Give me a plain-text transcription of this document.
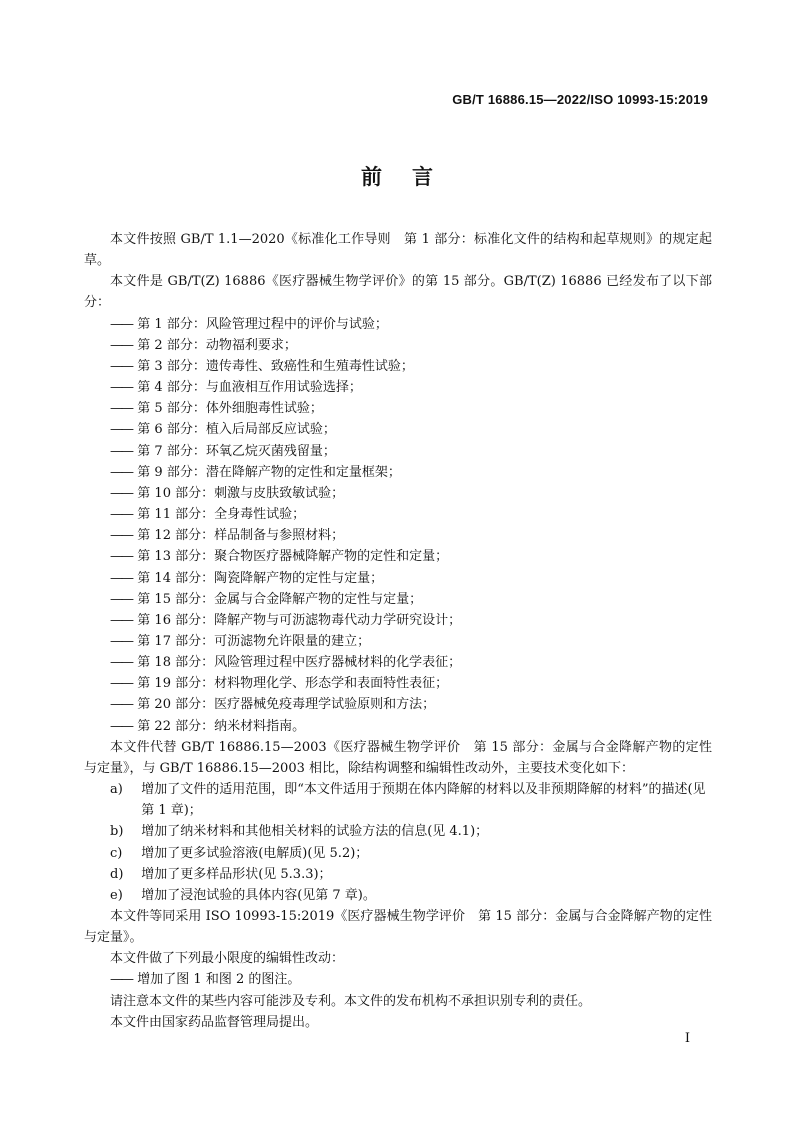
GB/T 16886.15—2022/ISO 10993-15:2019
前言

本文件按照 GB/T 1.1—2020《标准化工作导则　第 1 部分：标准化文件的结构和起草规则》的规定起草。

本文件是 GB/T(Z) 16886《医疗器械生物学评价》的第 15 部分。GB/T(Z) 16886 已经发布了以下部分：

—— 第 1 部分：风险管理过程中的评价与试验；

—— 第 2 部分：动物福利要求；

—— 第 3 部分：遗传毒性、致癌性和生殖毒性试验；

—— 第 4 部分：与血液相互作用试验选择；

—— 第 5 部分：体外细胞毒性试验；

—— 第 6 部分：植入后局部反应试验；

—— 第 7 部分：环氧乙烷灭菌残留量；

—— 第 9 部分：潜在降解产物的定性和定量框架；

—— 第 10 部分：刺激与皮肤致敏试验；

—— 第 11 部分：全身毒性试验；

—— 第 12 部分：样品制备与参照材料；

—— 第 13 部分：聚合物医疗器械降解产物的定性和定量；

—— 第 14 部分：陶瓷降解产物的定性与定量；

—— 第 15 部分：金属与合金降解产物的定性与定量；

—— 第 16 部分：降解产物与可沥滤物毒代动力学研究设计；

—— 第 17 部分：可沥滤物允许限量的建立；

—— 第 18 部分：风险管理过程中医疗器械材料的化学表征；

—— 第 19 部分：材料物理化学、形态学和表面特性表征；

—— 第 20 部分：医疗器械免疫毒理学试验原则和方法；

—— 第 22 部分：纳米材料指南。

本文件代替 GB/T 16886.15—2003《医疗器械生物学评价　第 15 部分：金属与合金降解产物的定性与定量》，与 GB/T 16886.15—2003 相比，除结构调整和编辑性改动外，主要技术变化如下：

a) 增加了文件的适用范围，即“本文件适用于预期在体内降解的材料以及非预期降解的材料”的描述(见第 1 章)；

b) 增加了纳米材料和其他相关材料的试验方法的信息(见 4.1)；

c) 增加了更多试验溶液(电解质)(见 5.2)；

d) 增加了更多样品形状(见 5.3.3)；

e) 增加了浸泡试验的具体内容(见第 7 章)。

本文件等同采用 ISO 10993-15:2019《医疗器械生物学评价　第 15 部分：金属与合金降解产物的定性与定量》。

本文件做了下列最小限度的编辑性改动：

—— 增加了图 1 和图 2 的图注。

请注意本文件的某些内容可能涉及专利。本文件的发布机构不承担识别专利的责任。

本文件由国家药品监督管理局提出。

I
